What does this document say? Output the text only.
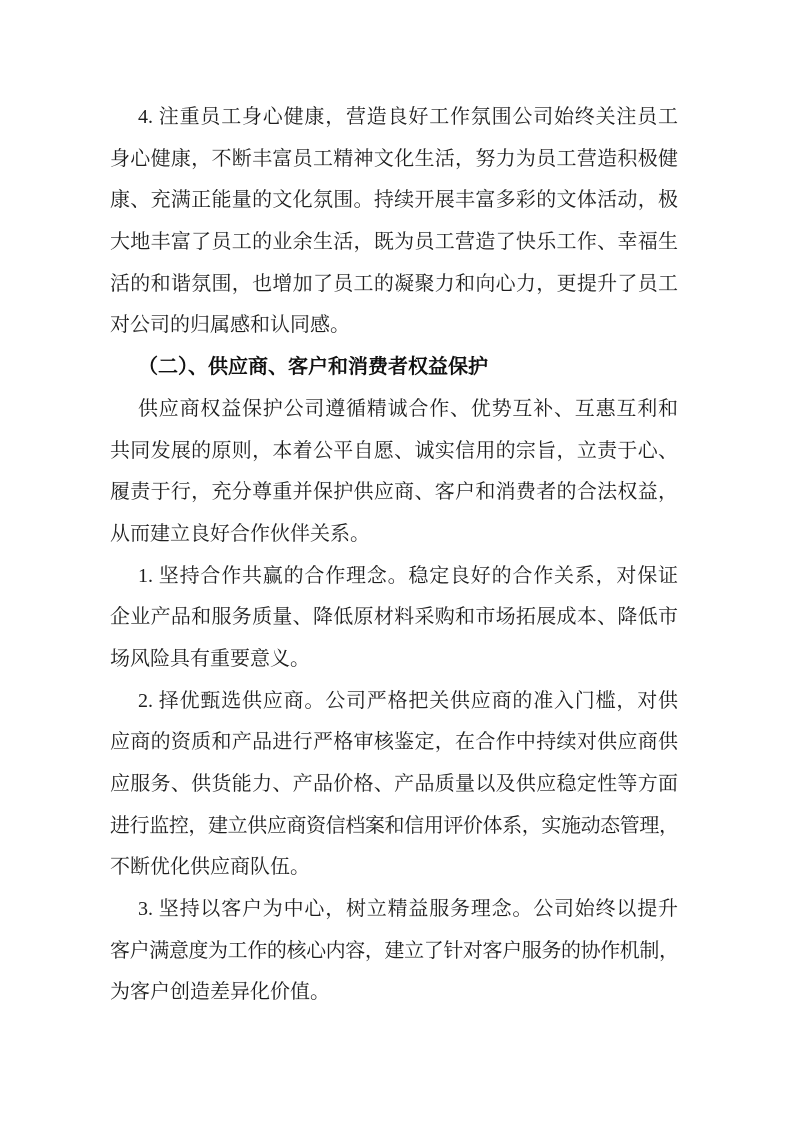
4. 注重员工身心健康，营造良好工作氛围公司始终关注员工
身心健康，不断丰富员工精神文化生活，努力为员工营造积极健
康、充满正能量的文化氛围。持续开展丰富多彩的文体活动，极
大地丰富了员工的业余生活，既为员工营造了快乐工作、幸福生
活的和谐氛围，也增加了员工的凝聚力和向心力，更提升了员工
对公司的归属感和认同感。
（二）、供应商、客户和消费者权益保护
供应商权益保护公司遵循精诚合作、优势互补、互惠互利和
共同发展的原则，本着公平自愿、诚实信用的宗旨，立责于心、
履责于行，充分尊重并保护供应商、客户和消费者的合法权益，
从而建立良好合作伙伴关系。
1. 坚持合作共赢的合作理念。稳定良好的合作关系，对保证
企业产品和服务质量、降低原材料采购和市场拓展成本、降低市
场风险具有重要意义。
2. 择优甄选供应商。公司严格把关供应商的准入门槛，对供
应商的资质和产品进行严格审核鉴定，在合作中持续对供应商供
应服务、供货能力、产品价格、产品质量以及供应稳定性等方面
进行监控，建立供应商资信档案和信用评价体系，实施动态管理，
不断优化供应商队伍。
3. 坚持以客户为中心，树立精益服务理念。公司始终以提升
客户满意度为工作的核心内容，建立了针对客户服务的协作机制，
为客户创造差异化价值。
